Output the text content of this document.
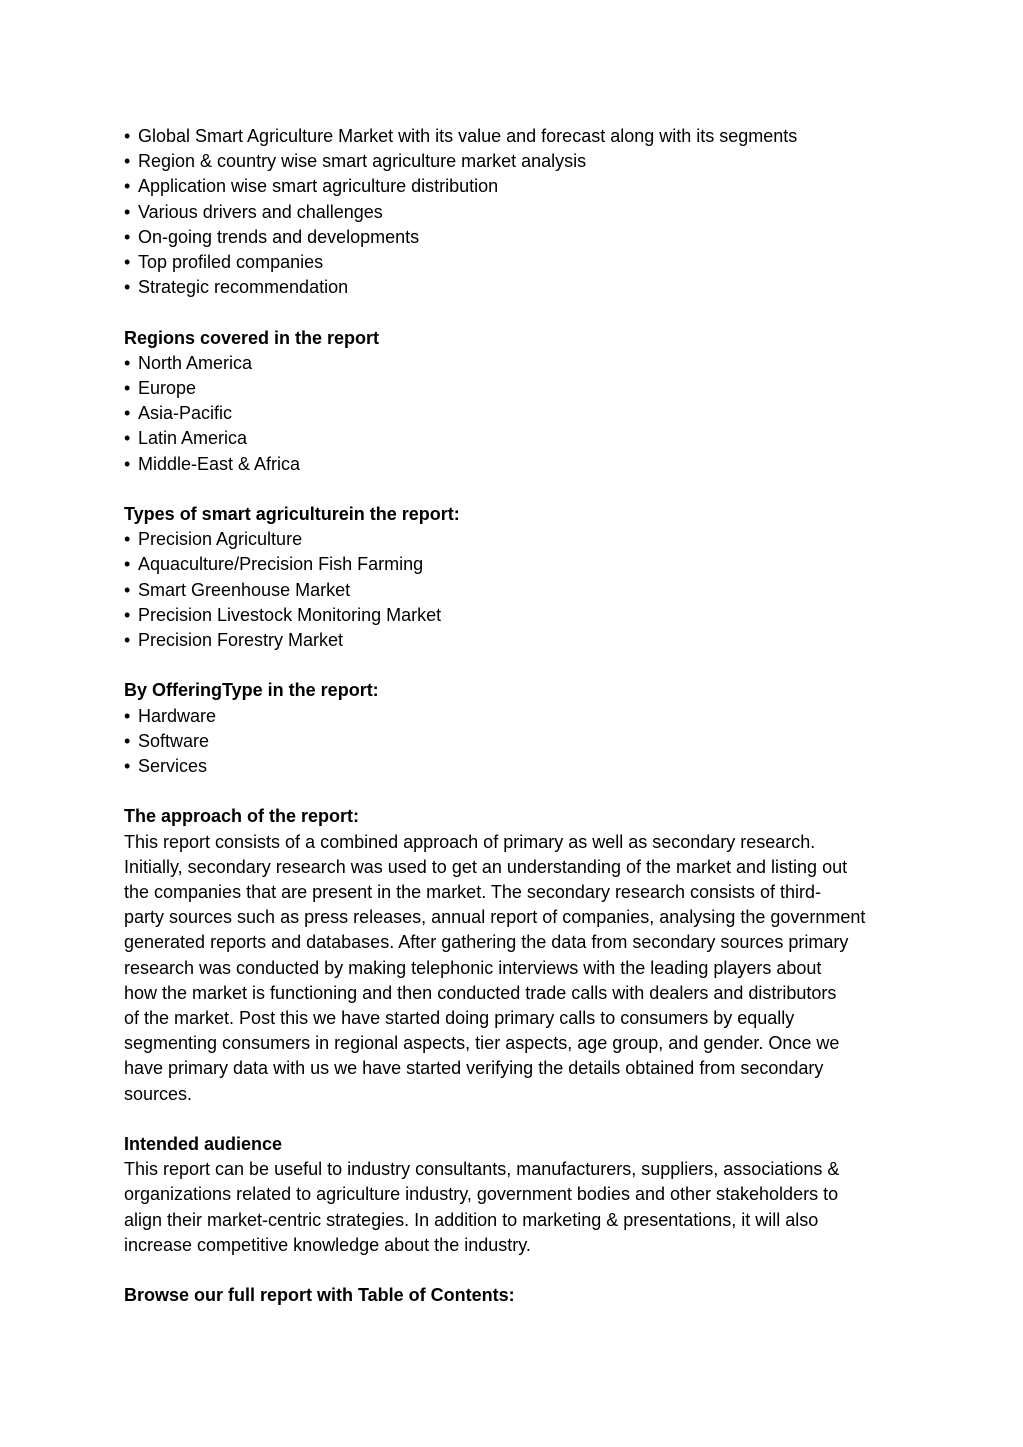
• Global Smart Agriculture Market with its value and forecast along with its segments
• Region & country wise smart agriculture market analysis
• Application wise smart agriculture distribution
• Various drivers and challenges
• On-going trends and developments
• Top profiled companies
• Strategic recommendation

Regions covered in the report

• North America
• Europe
• Asia-Pacific
• Latin America
• Middle-East & Africa

Types of smart agriculturein the report:

• Precision Agriculture
• Aquaculture/Precision Fish Farming
• Smart Greenhouse Market
• Precision Livestock Monitoring Market
• Precision Forestry Market

By OfferingType in the report:

• Hardware
• Software
• Services

The approach of the report:

This report consists of a combined approach of primary as well as secondary research.
Initially, secondary research was used to get an understanding of the market and listing out
the companies that are present in the market. The secondary research consists of third-
party sources such as press releases, annual report of companies, analysing the government
generated reports and databases. After gathering the data from secondary sources primary
research was conducted by making telephonic interviews with the leading players about
how the market is functioning and then conducted trade calls with dealers and distributors
of the market. Post this we have started doing primary calls to consumers by equally
segmenting consumers in regional aspects, tier aspects, age group, and gender. Once we
have primary data with us we have started verifying the details obtained from secondary
sources.

Intended audience

This report can be useful to industry consultants, manufacturers, suppliers, associations &
organizations related to agriculture industry, government bodies and other stakeholders to
align their market-centric strategies. In addition to marketing & presentations, it will also
increase competitive knowledge about the industry.

Browse our full report with Table of Contents:
